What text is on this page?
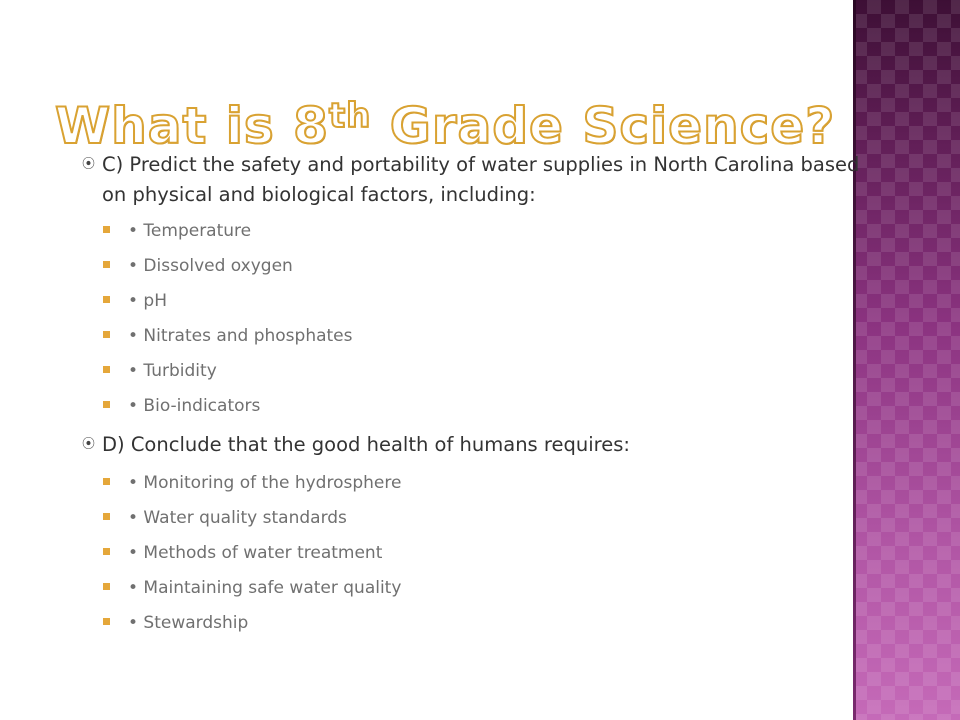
What is 8th Grade Science?
⦿ C) Predict the safety and portability of water supplies in North Carolina based on physical and biological factors, including:
• Temperature
• Dissolved oxygen
• pH
• Nitrates and phosphates
• Turbidity
• Bio-indicators
⦿ D) Conclude that the good health of humans requires:
• Monitoring of the hydrosphere
• Water quality standards
• Methods of water treatment
• Maintaining safe water quality
• Stewardship
